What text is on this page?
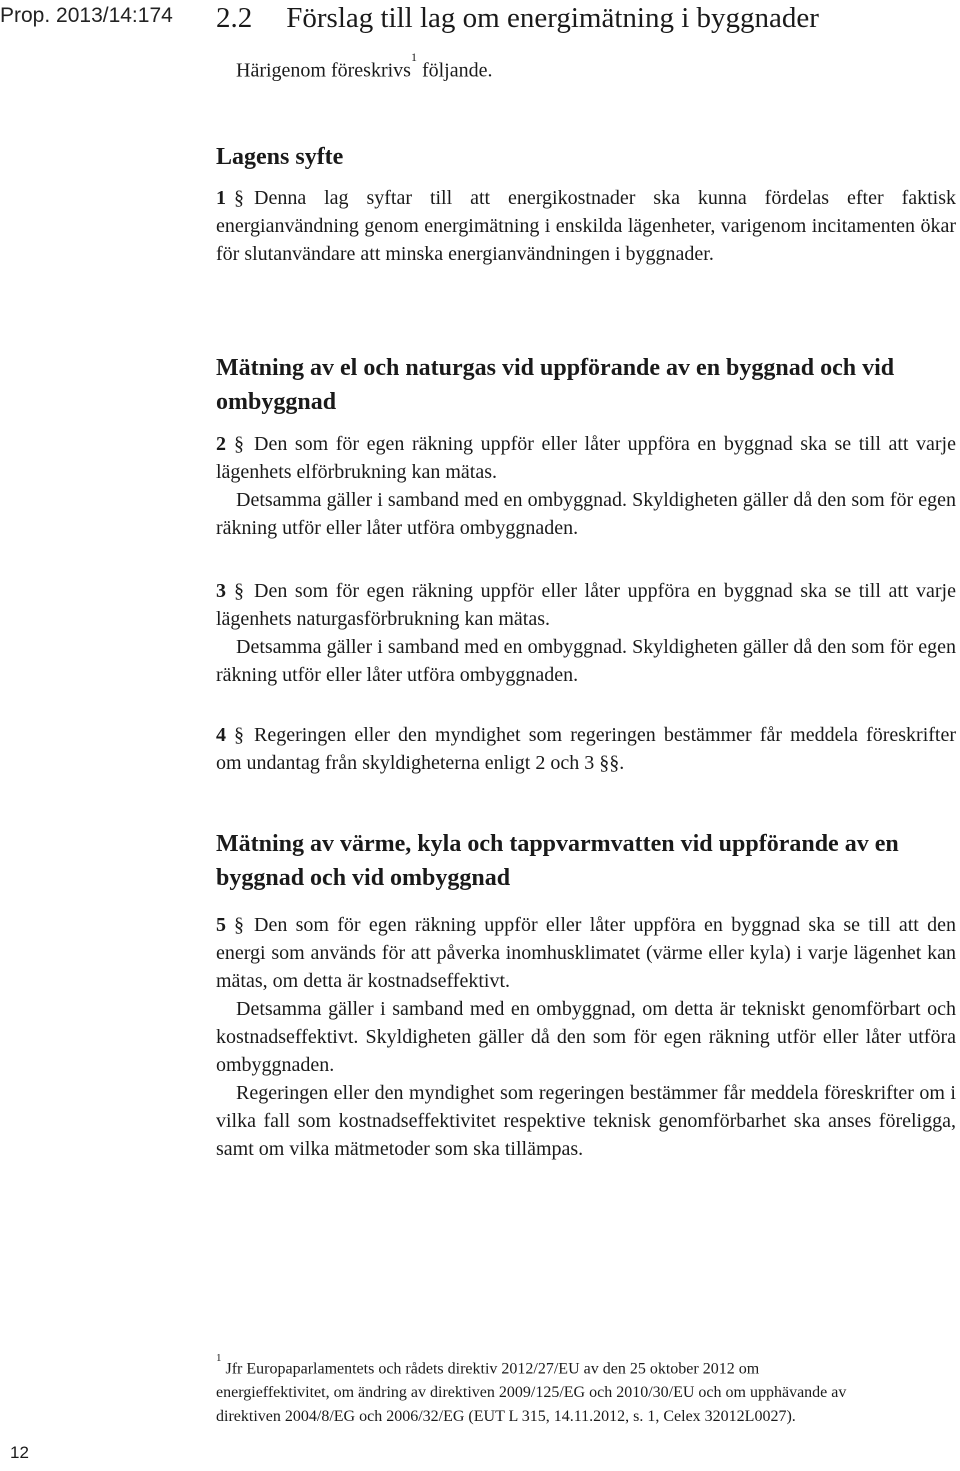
Prop. 2013/14:174 2.2 Förslag till lag om energimätning i byggnader
Härigenom föreskrivs$^1$ följande.
Lagens syfte

1 § Denna lag syftar till att energikostnader ska kunna fördelas efter faktisk energianvändning genom energimätning i enskilda lägenheter, varigenom incitamenten ökar för slutanvändare att minska energianvändningen i byggnader.

Mätning av el och naturgas vid uppförande av en byggnad och vid ombyggnad

2 § Den som för egen räkning uppför eller låter uppföra en byggnad ska se till att varje lägenhets elförbrukning kan mätas.

Detsamma gäller i samband med en ombyggnad. Skyldigheten gäller då den som för egen räkning utför eller låter utföra ombyggnaden.

3 § Den som för egen räkning uppför eller låter uppföra en byggnad ska se till att varje lägenhets naturgasförbrukning kan mätas.

Detsamma gäller i samband med en ombyggnad. Skyldigheten gäller då den som för egen räkning utför eller låter utföra ombyggnaden.

4 § Regeringen eller den myndighet som regeringen bestämmer får meddela föreskrifter om undantag från skyldigheterna enligt 2 och 3 §§.

Mätning av värme, kyla och tappvarmvatten vid uppförande av en byggnad och vid ombyggnad

5 § Den som för egen räkning uppför eller låter uppföra en byggnad ska se till att den energi som används för att påverka inomhusklimatet (värme eller kyla) i varje lägenhet kan mätas, om detta är kostnadseffektivt.

Detsamma gäller i samband med en ombyggnad, om detta är tekniskt genomförbart och kostnadseffektivt. Skyldigheten gäller då den som för egen räkning utför eller låter utföra ombyggnaden.

Regeringen eller den myndighet som regeringen bestämmer får meddela föreskrifter om i vilka fall som kostnadseffektivitet respektive teknisk genomförbarhet ska anses föreligga, samt om vilka mätmetoder som ska tillämpas.

$^1$ Jfr Europaparlamentets och rådets direktiv 2012/27/EU av den 25 oktober 2012 om energieffektivitet, om ändring av direktiven 2009/125/EG och 2010/30/EU och om upphävande av direktiven 2004/8/EG och 2006/32/EG (EUT L 315, 14.11.2012, s. 1, Celex 32012L0027).
12
